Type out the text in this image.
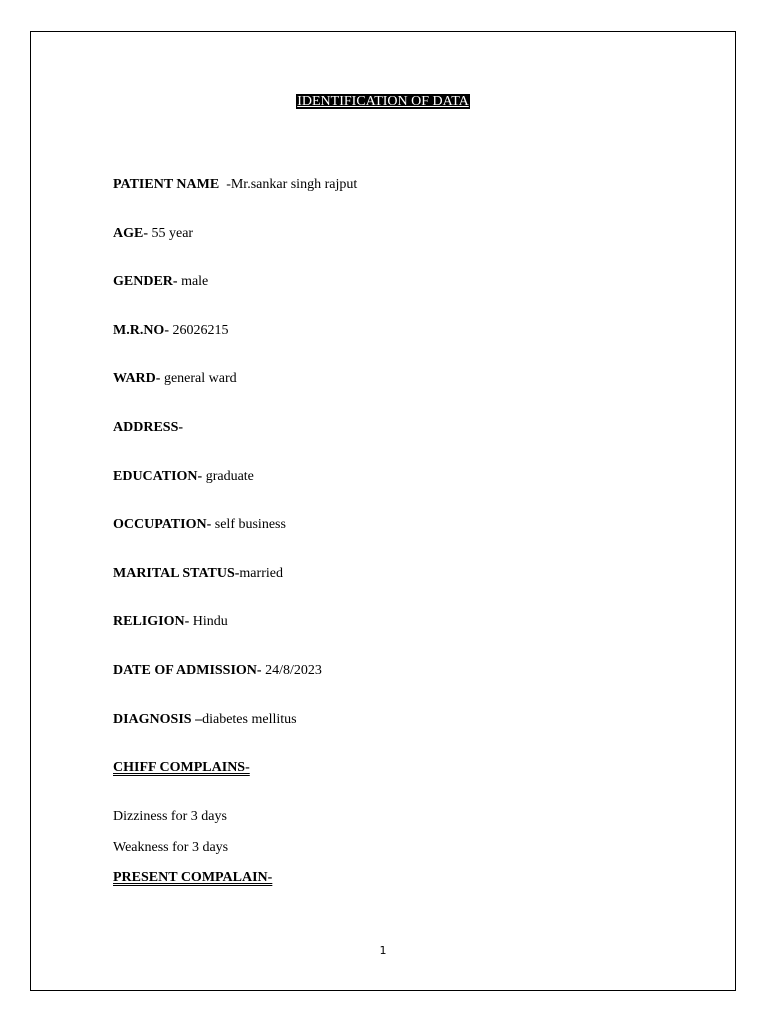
IDENTIFICATION OF DATA
PATIENT NAME  -Mr.sankar singh rajput
AGE- 55 year
GENDER- male
M.R.NO- 26026215
WARD- general ward
ADDRESS-
EDUCATION- graduate
OCCUPATION- self business
MARITAL STATUS-married
RELIGION- Hindu
DATE OF ADMISSION- 24/8/2023
DIAGNOSIS –diabetes mellitus
CHIFF COMPLAINS-
Dizziness for 3 days
Weakness for 3 days
PRESENT COMPALAIN-
1
